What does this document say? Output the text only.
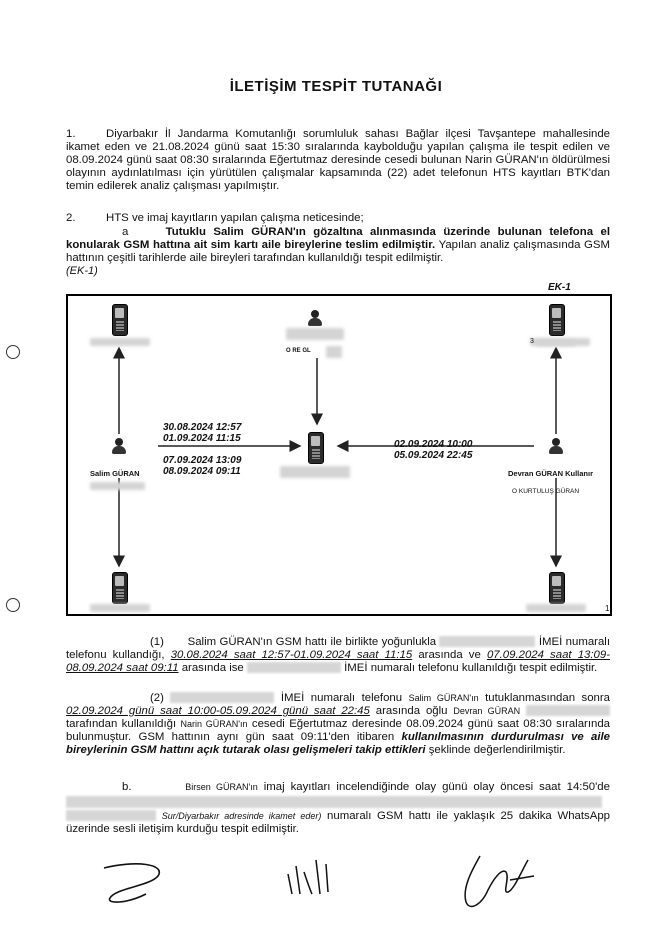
İLETİŞİM TESPİT TUTANAĞI
1.	Diyarbakır İl Jandarma Komutanlığı sorumluluk sahası Bağlar ilçesi Tavşantepe mahallesinde ikamet eden ve 21.08.2024 günü saat 15:30 sıralarında kaybolduğu yapılan çalışma ile tespit edilen ve 08.09.2024 günü saat 08:30 sıralarında Eğertutmaz deresinde cesedi bulunan Narin GÜRAN'ın öldürülmesi olayının aydınlatılması için yürütülen çalışmalar kapsamında (22) adet telefonun HTS kayıtları BTK'dan temin edilerek analiz çalışması yapılmıştır.
2.	HTS ve imaj kayıtların yapılan çalışma neticesinde;
a	Tutuklu Salim GÜRAN'ın gözaltına alınmasında üzerinde bulunan telefona el konularak GSM hattına ait sim kartı aile bireylerine teslim edilmiştir. Yapılan analiz çalışmasında GSM hattının çeşitli tarihlerde aile bireyleri tarafından kullanıldığı tespit edilmiştir.
(EK-1)
EK-1
O RE GL
3
Salim GÜRAN	Devran GÜRAN Kullanır
O KURTULUŞ GÜRAN
30.08.2024 12:57
01.09.2024 11:15
07.09.2024 13:09
08.09.2024 09:11
02.09.2024 10:00
05.09.2024 22:45
1
(1) Salim GÜRAN'ın GSM hattı ile birlikte yoğunlukla	İMEİ numaralı telefonu kullandığı, 30.08.2024 saat 12:57-01.09.2024 saat 11:15 arasında ve 07.09.2024 saat 13:09-08.09.2024 saat 09:11 arasında ise	İMEİ numaralı telefonu kullanıldığı tespit edilmiştir.
(2)	İMEİ numaralı telefonu Salim GÜRAN'ın tutuklanmasından sonra 02.09.2024 günü saat 10:00-05.09.2024 günü saat 22:45 arasında oğlu Devran GÜRAN  tarafından kullanıldığı Narin GÜRAN'ın cesedi Eğertutmaz deresinde 08.09.2024 günü saat 08:30 sıralarında bulunmuştur. GSM hattının aynı gün saat 09:11'den itibaren kullanılmasının durdurulması ve aile bireylerinin GSM hattını açık tutarak olası gelişmeleri takip ettikleri şeklinde değerlendirilmiştir.
b.	Birsen GÜRAN'ın imaj kayıtları incelendiğinde olay günü olay öncesi saat 14:50'de   Sur/Diyarbakır adresinde ikamet eder) numaralı GSM hattı ile yaklaşık 25 dakika WhatsApp üzerinde sesli iletişim kurduğu tespit edilmiştir.
